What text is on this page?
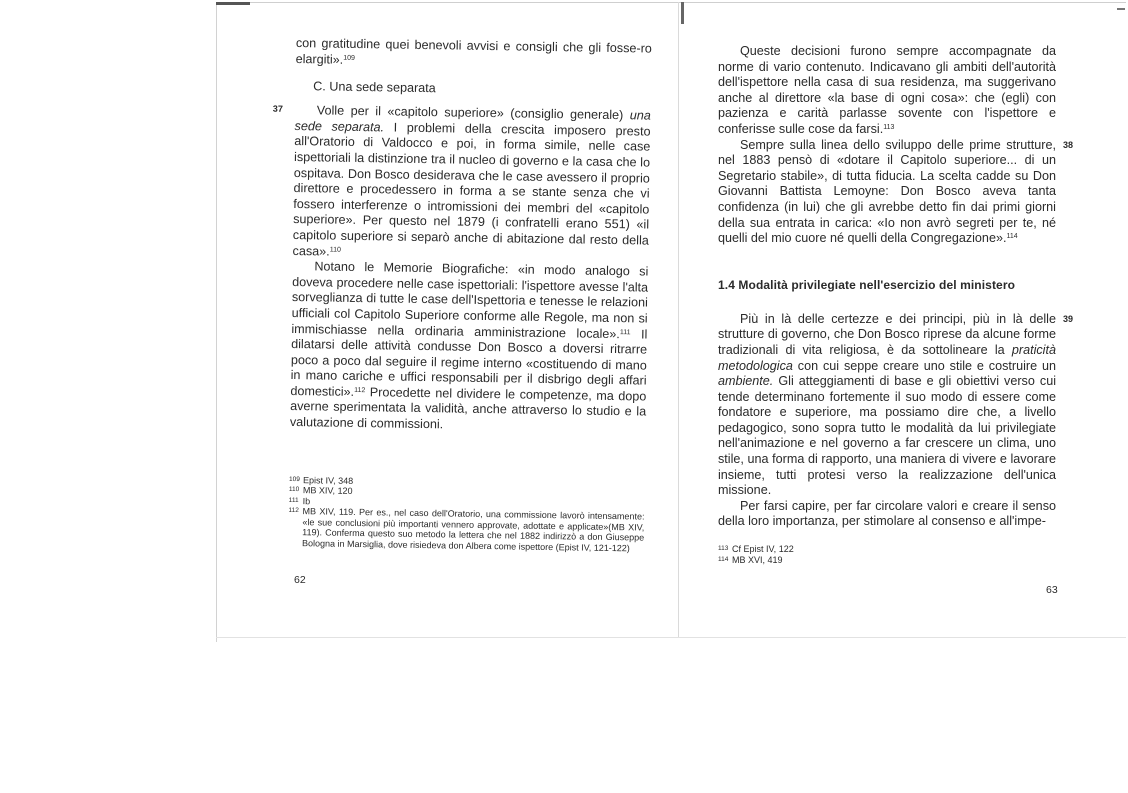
con gratitudine quei benevoli avvisi e consigli che gli fosse-ro elargiti».$^{109}$

C. Una sede separata
37	Volle per il «capitolo superiore» (consiglio generale) una sede separata. I problemi della crescita imposero presto all'Oratorio di Valdocco e poi, in forma simile, nelle case ispettoriali la distinzione tra il nucleo di governo e la casa che lo ospitava. Don Bosco desiderava che le case avessero il proprio direttore e procedessero in forma a se stante senza che vi fossero interferenze o intromissioni dei membri del «capitolo superiore». Per questo nel 1879 (i confratelli erano 551) «il capitolo superiore si separò anche di abitazione dal resto della casa».$^{110}$

Notano le Memorie Biografiche: «in modo analogo si doveva procedere nelle case ispettoriali: l'ispettore avesse l'alta sorveglianza di tutte le case dell'Ispettoria e tenesse le relazioni ufficiali col Capitolo Superiore conforme alle Regole, ma non si immischiasse nella ordinaria amministrazione locale».$^{111}$ Il dilatarsi delle attività condusse Don Bosco a doversi ritrarre poco a poco dal seguire il regime interno «costituendo di mano in mano cariche e uffici responsabili per il disbrigo degli affari domestici».$^{112}$ Procedette nel dividere le competenze, ma dopo averne sperimentata la validità, anche attraverso lo studio e la valutazione di commissioni.

109 Epist IV, 348
110 MB XIV, 120
111 Ib
112 MB XIV, 119. Per es., nel caso dell'Oratorio, una commissione lavorò intensamente: «le sue conclusioni più importanti vennero approvate, adottate e applicate»(MB XIV, 119). Conferma questo suo metodo la lettera che nel 1882 indirizzò a don Giuseppe Bologna in Marsiglia, dove risiedeva don Albera come ispettore (Epist IV, 121-122)
62

Queste decisioni furono sempre accompagnate da norme di vario contenuto. Indicavano gli ambiti dell'autorità dell'ispettore nella casa di sua residenza, ma suggerivano anche al direttore «la base di ogni cosa»: che (egli) con pazienza e carità parlasse sovente con l'ispettore e conferisse sulle cose da farsi.$^{113}$

38

Sempre sulla linea dello sviluppo delle prime strutture, nel 1883 pensò di «dotare il Capitolo superiore... di un Segretario stabile», di tutta fiducia. La scelta cadde su Don Giovanni Battista Lemoyne: Don Bosco aveva tanta confidenza (in lui) che gli avrebbe detto fin dai primi giorni della sua entrata in carica: «Io non avrò segreti per te, né quelli del mio cuore né quelli della Congregazione».$^{114}$

1.4 Modalità privilegiate nell'esercizio del ministero

39

Più in là delle certezze e dei principi, più in là delle strutture di governo, che Don Bosco riprese da alcune forme tradizionali di vita religiosa, è da sottolineare la praticità metodologica con cui seppe creare uno stile e costruire un ambiente. Gli atteggiamenti di base e gli obiettivi verso cui tende determinano fortemente il suo modo di essere come fondatore e superiore, ma possiamo dire che, a livello pedagogico, sono sopra tutto le modalità da lui privilegiate nell'animazione e nel governo a far crescere un clima, uno stile, una forma di rapporto, una maniera di vivere e lavorare insieme, tutti protesi verso la realizzazione dell'unica missione.

Per farsi capire, per far circolare valori e creare il senso della loro importanza, per stimolare al consenso e all'impe-

113 Cf Epist IV, 122
114 MB XVI, 419
63
